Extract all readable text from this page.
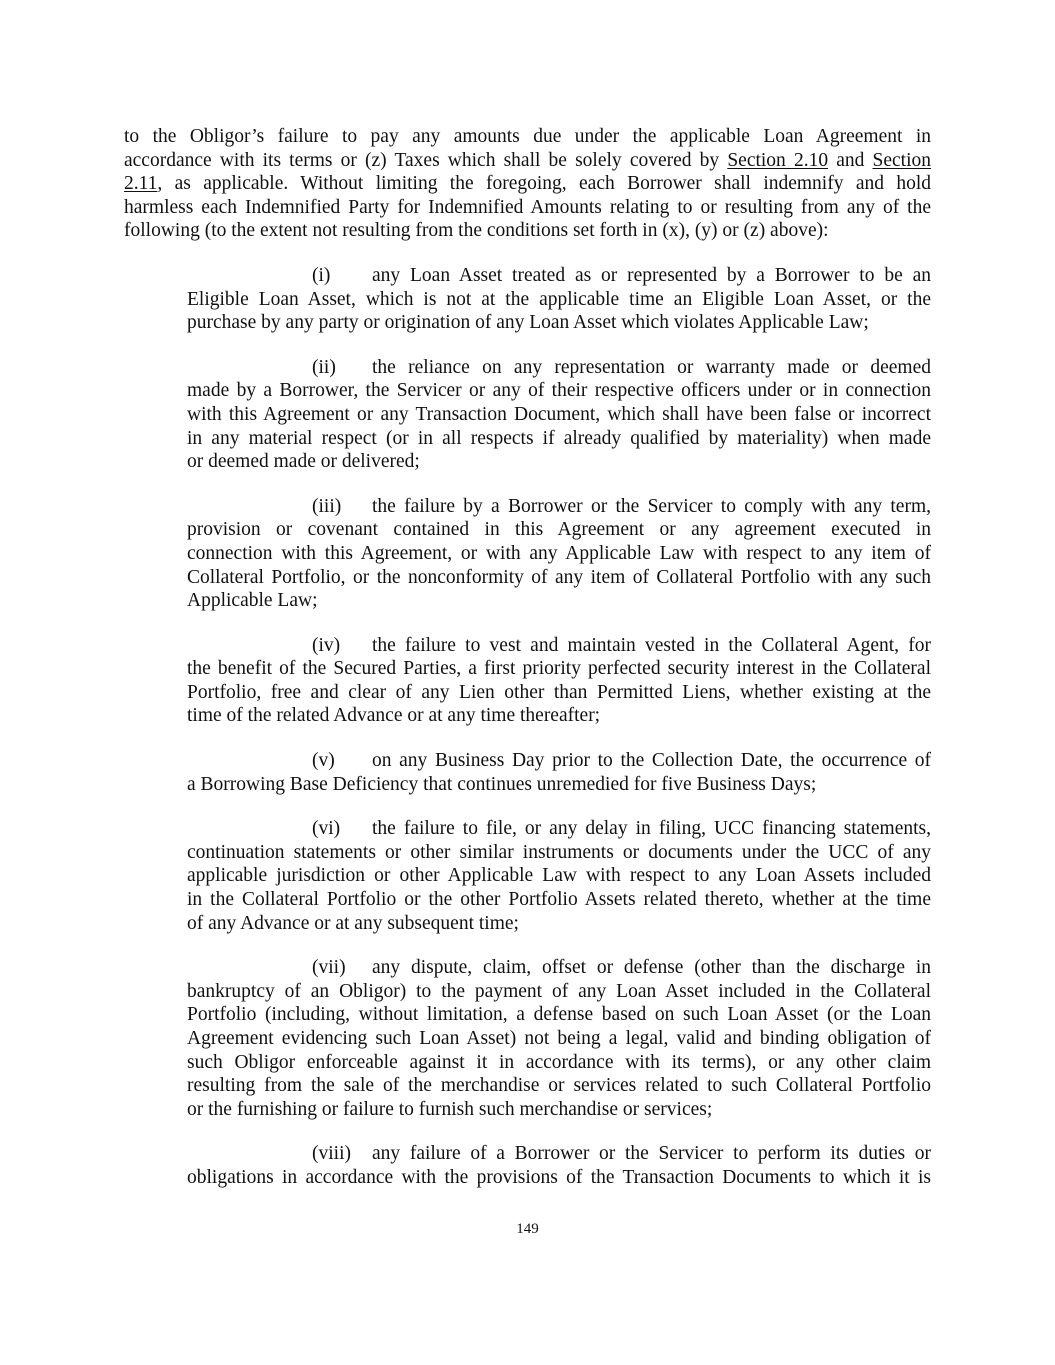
to the Obligor’s failure to pay any amounts due under the applicable Loan Agreement in
accordance with its terms or (z) Taxes which shall be solely covered by Section 2.10 and Section
2.11, as applicable. Without limiting the foregoing, each Borrower shall indemnify and hold
harmless each Indemnified Party for Indemnified Amounts relating to or resulting from any of the
following (to the extent not resulting from the conditions set forth in (x), (y) or (z) above):
(i)	any Loan Asset treated as or represented by a Borrower to be an
Eligible Loan Asset, which is not at the applicable time an Eligible Loan Asset, or the
purchase by any party or origination of any Loan Asset which violates Applicable Law;
(ii)	the reliance on any representation or warranty made or deemed
made by a Borrower, the Servicer or any of their respective officers under or in connection
with this Agreement or any Transaction Document, which shall have been false or incorrect
in any material respect (or in all respects if already qualified by materiality) when made
or deemed made or delivered;
(iii)	the failure by a Borrower or the Servicer to comply with any term,
provision or covenant contained in this Agreement or any agreement executed in
connection with this Agreement, or with any Applicable Law with respect to any item of
Collateral Portfolio, or the nonconformity of any item of Collateral Portfolio with any such
Applicable Law;
(iv)	the failure to vest and maintain vested in the Collateral Agent, for
the benefit of the Secured Parties, a first priority perfected security interest in the Collateral
Portfolio, free and clear of any Lien other than Permitted Liens, whether existing at the
time of the related Advance or at any time thereafter;
(v)	on any Business Day prior to the Collection Date, the occurrence of
a Borrowing Base Deficiency that continues unremedied for five Business Days;
(vi)	the failure to file, or any delay in filing, UCC financing statements,
continuation statements or other similar instruments or documents under the UCC of any
applicable jurisdiction or other Applicable Law with respect to any Loan Assets included
in the Collateral Portfolio or the other Portfolio Assets related thereto, whether at the time
of any Advance or at any subsequent time;
(vii)	any dispute, claim, offset or defense (other than the discharge in
bankruptcy of an Obligor) to the payment of any Loan Asset included in the Collateral
Portfolio (including, without limitation, a defense based on such Loan Asset (or the Loan
Agreement evidencing such Loan Asset) not being a legal, valid and binding obligation of
such Obligor enforceable against it in accordance with its terms), or any other claim
resulting from the sale of the merchandise or services related to such Collateral Portfolio
or the furnishing or failure to furnish such merchandise or services;
(viii)	any failure of a Borrower or the Servicer to perform its duties or
obligations in accordance with the provisions of the Transaction Documents to which it is
149
